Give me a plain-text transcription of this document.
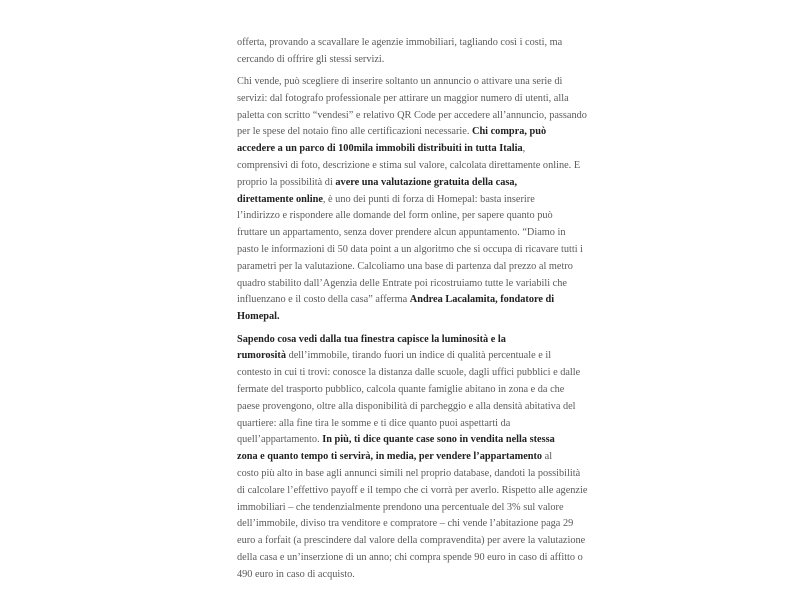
offerta, provando a scavallare le agenzie immobiliari, tagliando così i costi, ma
cercando di offrire gli stessi servizi.

Chi vende, può scegliere di inserire soltanto un annuncio o attivare una serie di
servizi: dal fotografo professionale per attirare un maggior numero di utenti, alla
paletta con scritto “vendesi” e relativo QR Code per accedere all’annuncio, passando
per le spese del notaio fino alle certificazioni necessarie. Chi compra, può
accedere a un parco di 100mila immobili distribuiti in tutta Italia,
comprensivi di foto, descrizione e stima sul valore, calcolata direttamente online. E
proprio la possibilità di avere una valutazione gratuita della casa,
direttamente online, è uno dei punti di forza di Homepal: basta inserire
l’indirizzo e rispondere alle domande del form online, per sapere quanto può
fruttare un appartamento, senza dover prendere alcun appuntamento. “Diamo in
pasto le informazioni di 50 data point a un algoritmo che si occupa di ricavare tutti i
parametri per la valutazione. Calcoliamo una base di partenza dal prezzo al metro
quadro stabilito dall’Agenzia delle Entrate poi ricostruiamo tutte le variabili che
influenzano e il costo della casa” afferma Andrea Lacalamita, fondatore di
Homepal.

Sapendo cosa vedi dalla tua finestra capisce la luminosità e la
rumorosità dell’immobile, tirando fuori un indice di qualità percentuale e il
contesto in cui ti trovi: conosce la distanza dalle scuole, dagli uffici pubblici e dalle
fermate del trasporto pubblico, calcola quante famiglie abitano in zona e da che
paese provengono, oltre alla disponibilità di parcheggio e alla densità abitativa del
quartiere: alla fine tira le somme e ti dice quanto puoi aspettarti da
quell’appartamento. In più, ti dice quante case sono in vendita nella stessa
zona e quanto tempo ti servirà, in media, per vendere l’appartamento al
costo più alto in base agli annunci simili nel proprio database, dandoti la possibilità
di calcolare l’effettivo payoff e il tempo che ci vorrà per averlo. Rispetto alle agenzie
immobiliari – che tendenzialmente prendono una percentuale del 3% sul valore
dell’immobile, diviso tra venditore e compratore – chi vende l’abitazione paga 29
euro a forfait (a prescindere dal valore della compravendita) per avere la valutazione
della casa e un’inserzione di un anno; chi compra spende 90 euro in caso di affitto o
490 euro in caso di acquisto.
